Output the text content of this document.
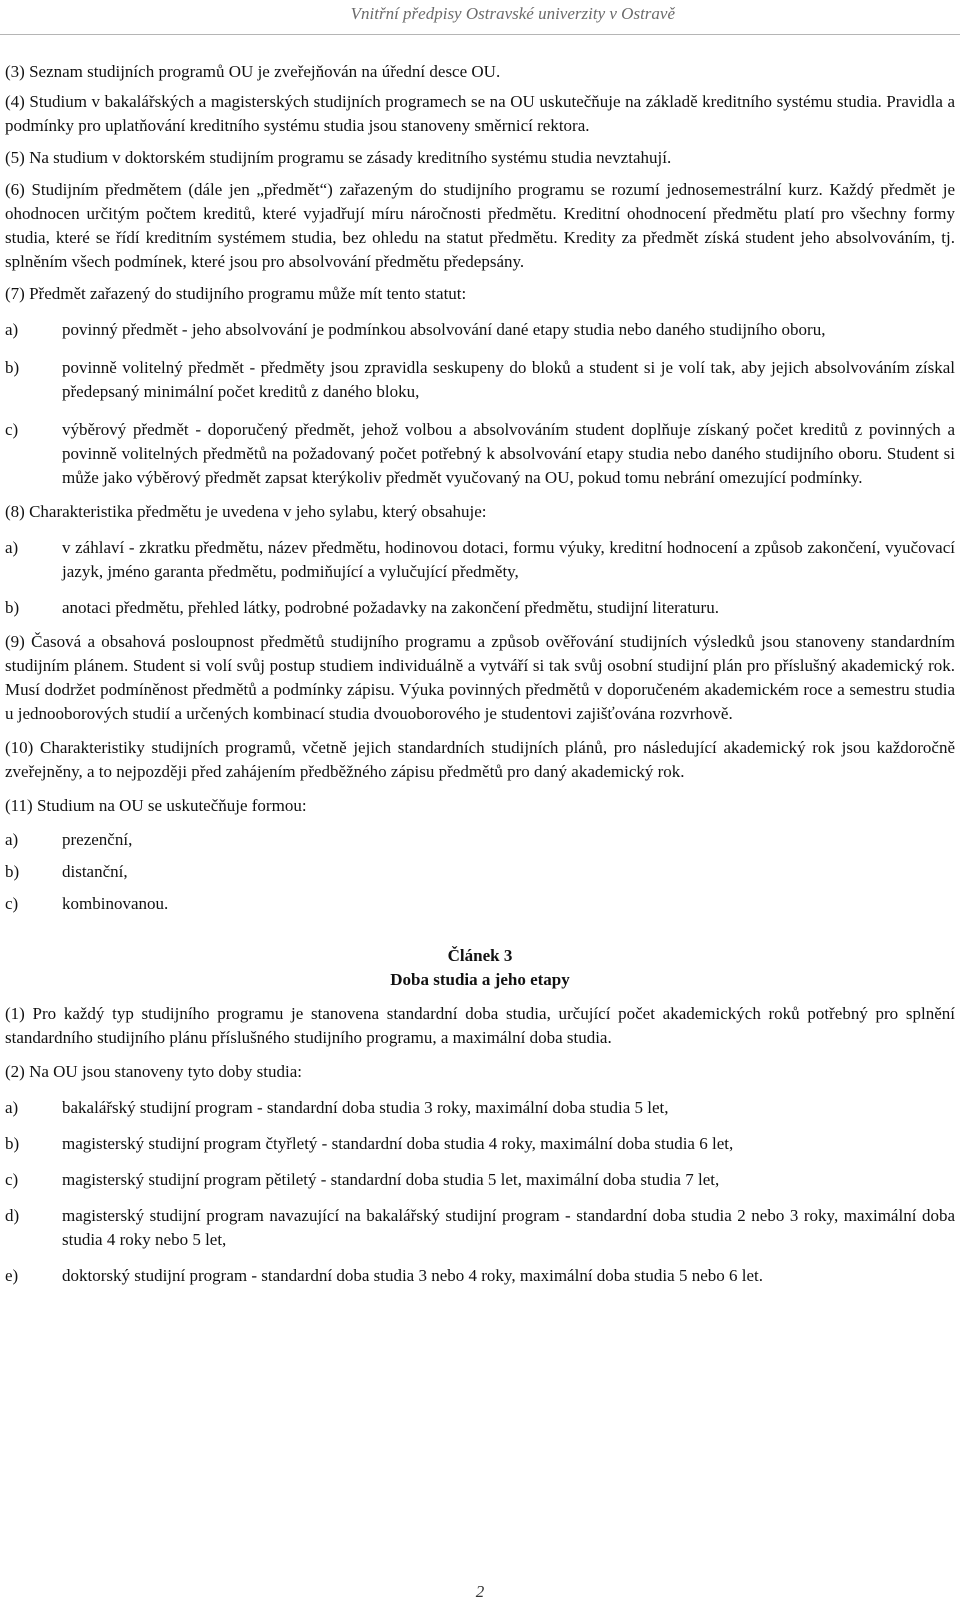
Vnitřní předpisy Ostravské univerzity v Ostravě

(3) Seznam studijních programů OU je zveřejňován na úřední desce OU.

(4) Studium v bakalářských a magisterských studijních programech se na OU uskutečňuje na základě kreditního systému studia. Pravidla a podmínky pro uplatňování kreditního systému studia jsou stanoveny směrnicí rektora.

(5) Na studium v doktorském studijním programu se zásady kreditního systému studia nevztahují.

(6) Studijním předmětem (dále jen „předmět“) zařazeným do studijního programu se rozumí jednosemestrální kurz. Každý předmět je ohodnocen určitým počtem kreditů, které vyjadřují míru náročnosti předmětu. Kreditní ohodnocení předmětu platí pro všechny formy studia, které se řídí kreditním systémem studia, bez ohledu na statut předmětu. Kredity za předmět získá student jeho absolvováním, tj. splněním všech podmínek, které jsou pro absolvování předmětu předepsány.

(7) Předmět zařazený do studijního programu může mít tento statut:

a)	povinný předmět - jeho absolvování je podmínkou absolvování dané etapy studia nebo daného studijního oboru,
b)	povinně volitelný předmět - předměty jsou zpravidla seskupeny do bloků a student si je volí tak, aby jejich absolvováním získal předepsaný minimální počet kreditů z daného bloku,
c)	výběrový předmět - doporučený předmět, jehož volbou a absolvováním student doplňuje získaný počet kreditů z povinných a povinně volitelných předmětů na požadovaný počet potřebný k absolvování etapy studia nebo daného studijního oboru. Student si může jako výběrový předmět zapsat kterýkoliv předmět vyučovaný na OU, pokud tomu nebrání omezující podmínky.

(8) Charakteristika předmětu je uvedena v jeho sylabu, který obsahuje:

a)	v záhlaví - zkratku předmětu, název předmětu, hodinovou dotaci, formu výuky, kreditní hodnocení a způsob zakončení, vyučovací jazyk, jméno garanta předmětu, podmiňující a vylučující předměty,
b)	anotaci předmětu, přehled látky, podrobné požadavky na zakončení předmětu, studijní literaturu.

(9) Časová a obsahová posloupnost předmětů studijního programu a způsob ověřování studijních výsledků jsou stanoveny standardním studijním plánem. Student si volí svůj postup studiem individuálně a vytváří si tak svůj osobní studijní plán pro příslušný akademický rok. Musí dodržet podmíněnost předmětů a podmínky zápisu. Výuka povinných předmětů v doporučeném akademickém roce a semestru studia u jednooborových studií a určených kombinací studia dvouoborového je studentovi zajišťována rozvrhově.

(10) Charakteristiky studijních programů, včetně jejich standardních studijních plánů, pro následující akademický rok jsou každoročně zveřejněny, a to nejpozději před zahájením předběžného zápisu předmětů pro daný akademický rok.

(11) Studium na OU se uskutečňuje formou:

a)	prezenční,
b)	distanční,
c)	kombinovanou.
Článek 3
Doba studia a jeho etapy

(1) Pro každý typ studijního programu je stanovena standardní doba studia, určující počet akademických roků potřebný pro splnění standardního studijního plánu příslušného studijního programu, a maximální doba studia.

(2) Na OU jsou stanoveny tyto doby studia:

a)	bakalářský studijní program - standardní doba studia 3 roky, maximální doba studia 5 let,
b)	magisterský studijní program čtyřletý - standardní doba studia 4 roky, maximální doba studia 6 let,
c)	magisterský studijní program pětiletý - standardní doba studia 5 let, maximální doba studia 7 let,
d)	magisterský studijní program navazující na bakalářský studijní program - standardní doba studia 2 nebo 3 roky, maximální doba studia 4 roky nebo 5 let,
e)	doktorský studijní program - standardní doba studia 3 nebo 4 roky, maximální doba studia 5 nebo 6 let.
2
